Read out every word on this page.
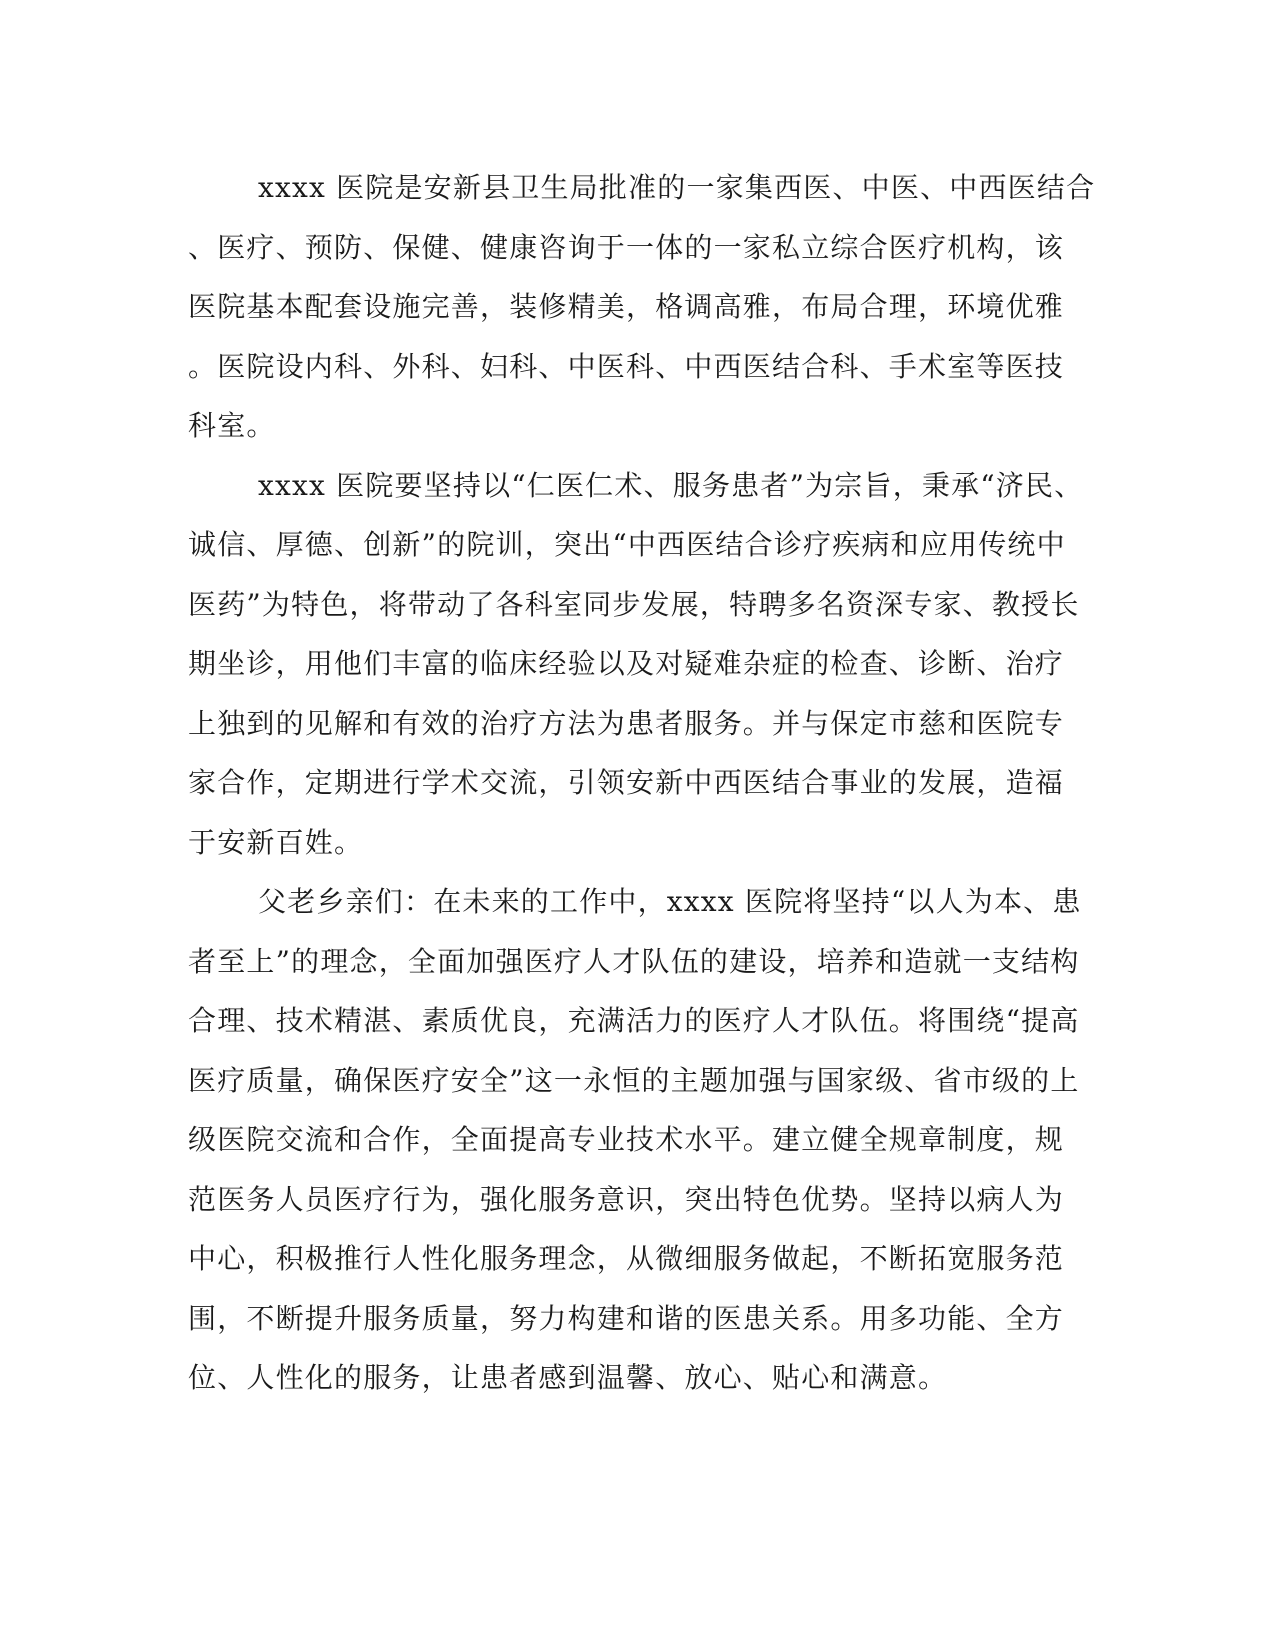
xxxx 医院是安新县卫生局批准的一家集西医、中医、中西医结合
、医疗、预防、保健、健康咨询于一体的一家私立综合医疗机构，该
医院基本配套设施完善，装修精美，格调高雅，布局合理，环境优雅
。医院设内科、外科、妇科、中医科、中西医结合科、手术室等医技
科室。
xxxx 医院要坚持以“仁医仁术、服务患者”为宗旨，秉承“济民、
诚信、厚德、创新”的院训，突出“中西医结合诊疗疾病和应用传统中
医药”为特色，将带动了各科室同步发展，特聘多名资深专家、教授长
期坐诊，用他们丰富的临床经验以及对疑难杂症的检查、诊断、治疗
上独到的见解和有效的治疗方法为患者服务。并与保定市慈和医院专
家合作，定期进行学术交流，引领安新中西医结合事业的发展，造福
于安新百姓。
父老乡亲们：在未来的工作中，xxxx 医院将坚持“以人为本、患
者至上”的理念，全面加强医疗人才队伍的建设，培养和造就一支结构
合理、技术精湛、素质优良，充满活力的医疗人才队伍。将围绕“提高
医疗质量，确保医疗安全”这一永恒的主题加强与国家级、省市级的上
级医院交流和合作，全面提高专业技术水平。建立健全规章制度，规
范医务人员医疗行为，强化服务意识，突出特色优势。坚持以病人为
中心，积极推行人性化服务理念，从微细服务做起，不断拓宽服务范
围，不断提升服务质量，努力构建和谐的医患关系。用多功能、全方
位、人性化的服务，让患者感到温馨、放心、贴心和满意。
